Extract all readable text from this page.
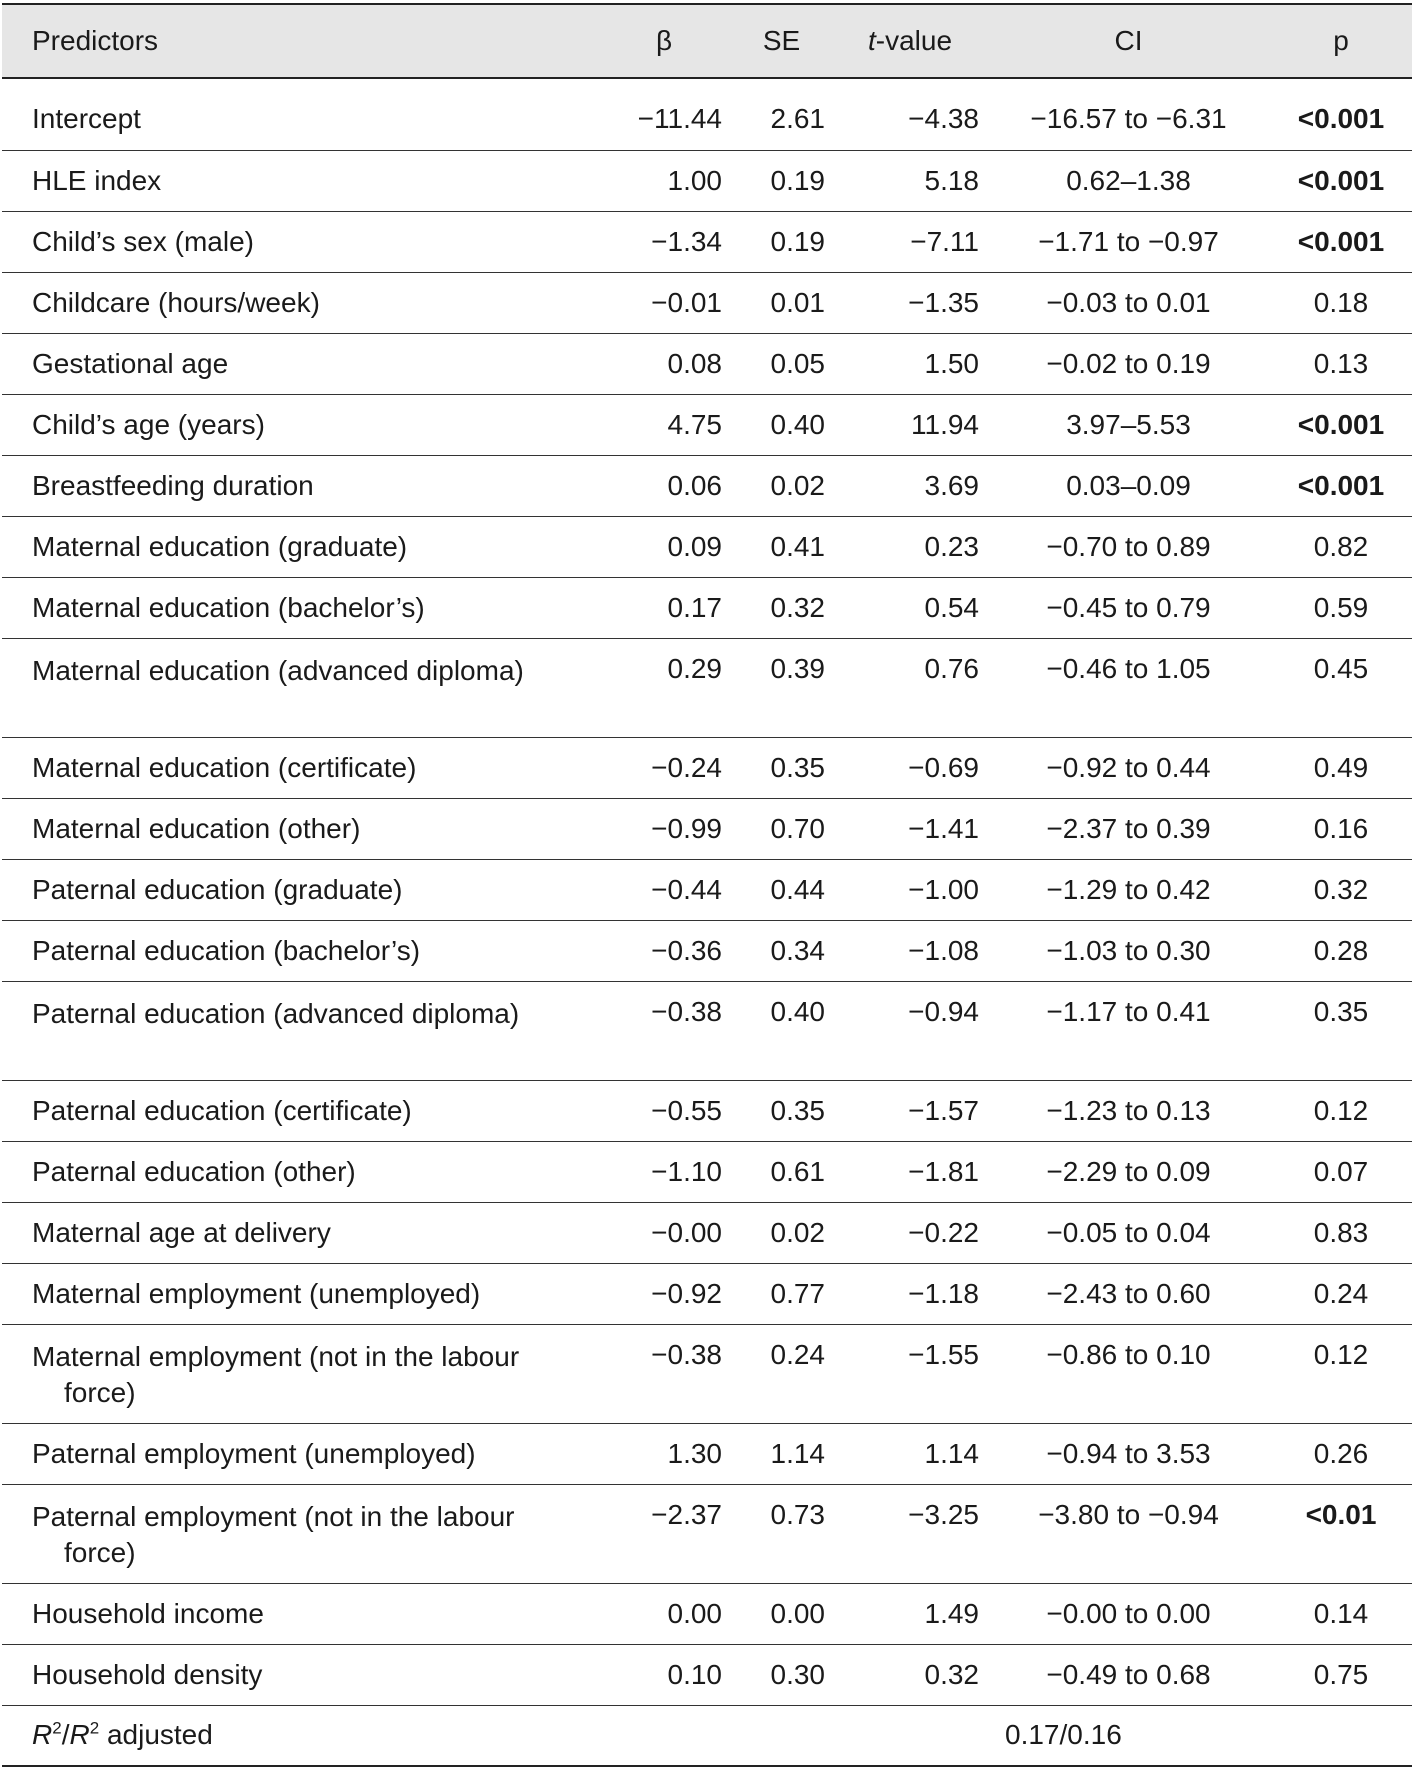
Predictors	β	SE	t-value	CI	p

Intercept	−11.44	2.61	−4.38	−16.57 to −6.31	<0.001

HLE index	1.00	0.19	5.18	0.62–1.38	<0.001

Child’s sex (male)	−1.34	0.19	−7.11	−1.71 to −0.97	<0.001

Childcare (hours/week)	−0.01	0.01	−1.35	−0.03 to 0.01	0.18

Gestational age	0.08	0.05	1.50	−0.02 to 0.19	0.13

Child’s age (years)	4.75	0.40	11.94	3.97–5.53	<0.001

Breastfeeding duration	0.06	0.02	3.69	0.03–0.09	<0.001

Maternal education (graduate)	0.09	0.41	0.23	−0.70 to 0.89	0.82

Maternal education (bachelor’s)	0.17	0.32	0.54	−0.45 to 0.79	0.59

Maternal education (advanced diploma)	0.29	0.39	0.76	−0.46 to 1.05	0.45

Maternal education (certificate)	−0.24	0.35	−0.69	−0.92 to 0.44	0.49

Maternal education (other)	−0.99	0.70	−1.41	−2.37 to 0.39	0.16

Paternal education (graduate)	−0.44	0.44	−1.00	−1.29 to 0.42	0.32

Paternal education (bachelor’s)	−0.36	0.34	−1.08	−1.03 to 0.30	0.28

Paternal education (advanced diploma)	−0.38	0.40	−0.94	−1.17 to 0.41	0.35

Paternal education (certificate)	−0.55	0.35	−1.57	−1.23 to 0.13	0.12

Paternal education (other)	−1.10	0.61	−1.81	−2.29 to 0.09	0.07

Maternal age at delivery	−0.00	0.02	−0.22	−0.05 to 0.04	0.83

Maternal employment (unemployed)	−0.92	0.77	−1.18	−2.43 to 0.60	0.24

Maternal employment (not in the labour force)	−0.38	0.24	−1.55	−0.86 to 0.10	0.12

Paternal employment (unemployed)	1.30	1.14	1.14	−0.94 to 3.53	0.26

Paternal employment (not in the labour force)	−2.37	0.73	−3.25	−3.80 to −0.94	<0.01

Household income	0.00	0.00	1.49	−0.00 to 0.00	0.14

Household density	0.10	0.30	0.32	−0.49 to 0.68	0.75
$R^2/R^2$ adjusted				0.17/0.16	
